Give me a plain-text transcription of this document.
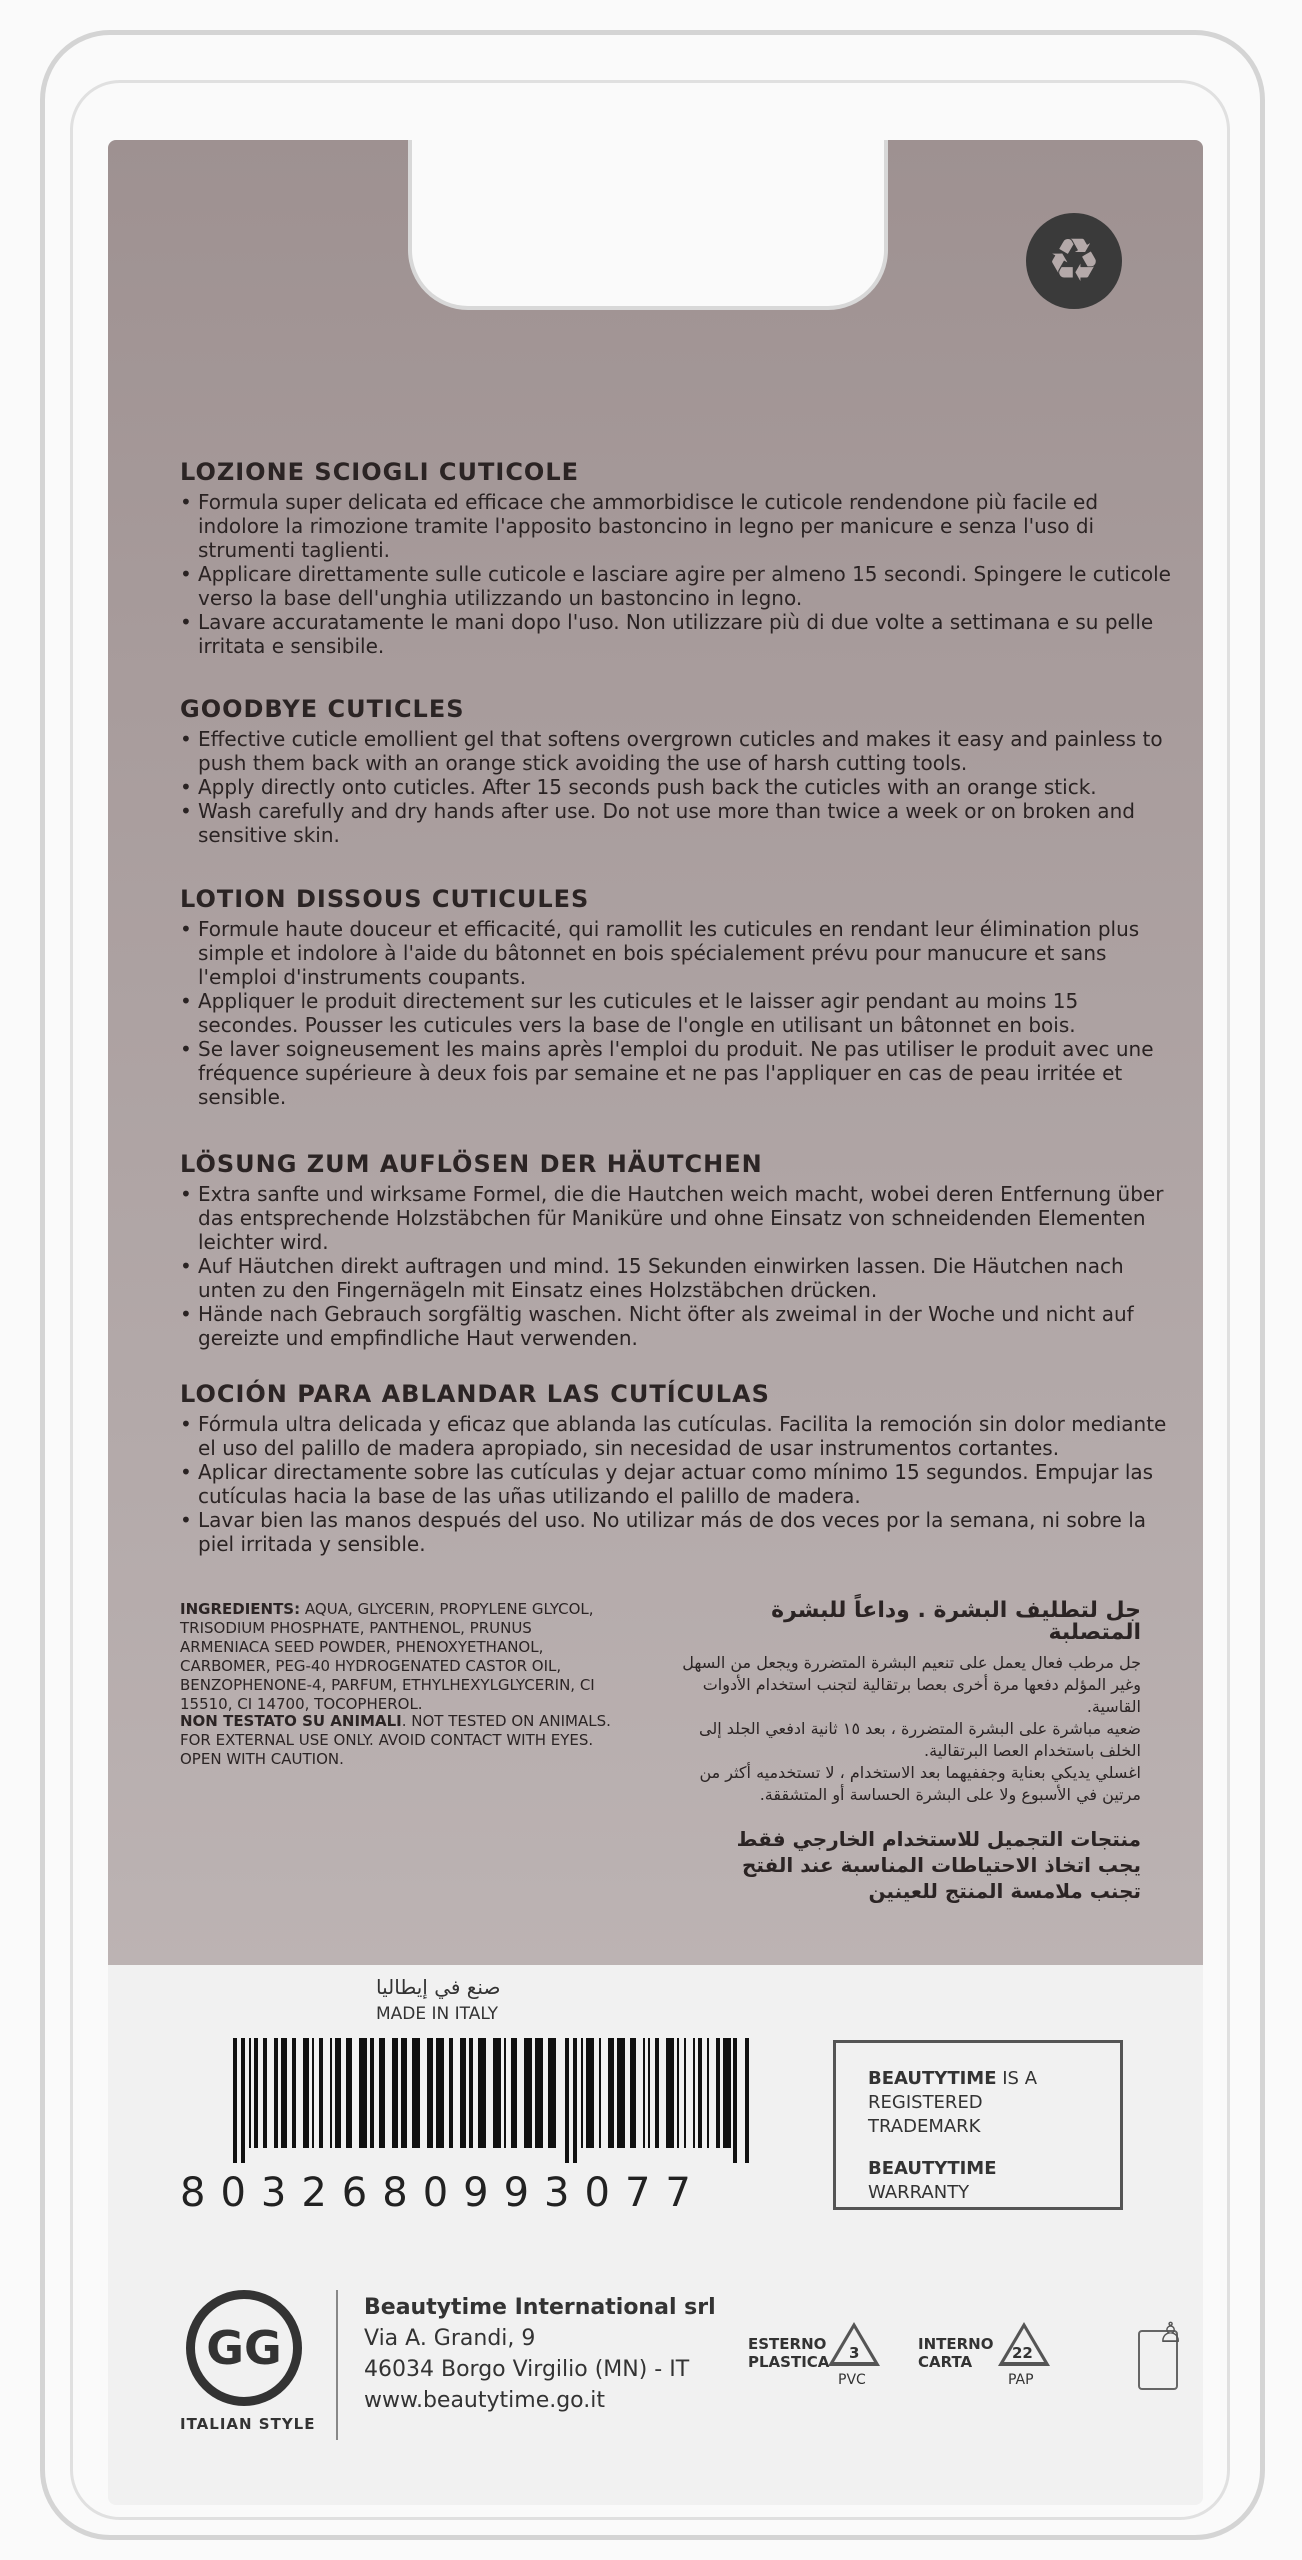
♻
LOZIONE SCIOGLI CUTICOLE
• Formula super delicata ed efficace che ammorbidisce le cuticole rendendone più facile ed indolore la rimozione tramite l'apposito bastoncino in legno per manicure e senza l'uso di strumenti taglienti.
• Applicare direttamente sulle cuticole e lasciare agire per almeno 15 secondi. Spingere le cuticole verso la base dell'unghia utilizzando un bastoncino in legno.
• Lavare accuratamente le mani dopo l'uso. Non utilizzare più di due volte a settimana e su pelle irritata e sensibile.
GOODBYE CUTICLES
• Effective cuticle emollient gel that softens overgrown cuticles and makes it easy and painless to push them back with an orange stick avoiding the use of harsh cutting tools.
• Apply directly onto cuticles. After 15 seconds push back the cuticles with an orange stick.
• Wash carefully and dry hands after use. Do not use more than twice a week or on broken and sensitive skin.
LOTION DISSOUS CUTICULES
• Formule haute douceur et efficacité, qui ramollit les cuticules en rendant leur élimination plus simple et indolore à l'aide du bâtonnet en bois spécialement prévu pour manucure et sans l'emploi d'instruments coupants.
• Appliquer le produit directement sur les cuticules et le laisser agir pendant au moins 15 secondes. Pousser les cuticules vers la base de l'ongle en utilisant un bâtonnet en bois.
• Se laver soigneusement les mains après l'emploi du produit. Ne pas utiliser le produit avec une fréquence supérieure à deux fois par semaine et ne pas l'appliquer en cas de peau irritée et sensible.
LÖSUNG ZUM AUFLÖSEN DER HÄUTCHEN
• Extra sanfte und wirksame Formel, die die Hautchen weich macht, wobei deren Entfernung über das entsprechende Holzstäbchen für Maniküre und ohne Einsatz von schneidenden Elementen leichter wird.
• Auf Häutchen direkt auftragen und mind. 15 Sekunden einwirken lassen. Die Häutchen nach unten zu den Fingernägeln mit Einsatz eines Holzstäbchen drücken.
• Hände nach Gebrauch sorgfältig waschen. Nicht öfter als zweimal in der Woche und nicht auf gereizte und empfindliche Haut verwenden.
LOCIÓN PARA ABLANDAR LAS CUTÍCULAS
• Fórmula ultra delicada y eficaz que ablanda las cutículas. Facilita la remoción sin dolor mediante el uso del palillo de madera apropiado, sin necesidad de usar instrumentos cortantes.
• Aplicar directamente sobre las cutículas y dejar actuar como mínimo 15 segundos. Empujar las cutículas hacia la base de las uñas utilizando el palillo de madera.
• Lavar bien las manos después del uso. No utilizar más de dos veces por la semana, ni sobre la piel irritada y sensible.
INGREDIENTS: AQUA, GLYCERIN, PROPYLENE GLYCOL, TRISODIUM PHOSPHATE, PANTHENOL, PRUNUS ARMENIACA SEED POWDER, PHENOXYETHANOL, CARBOMER, PEG-40 HYDROGENATED CASTOR OIL, BENZOPHENONE-4, PARFUM, ETHYLHEXYLGLYCERIN, CI 15510, CI 14700, TOCOPHEROL.
NON TESTATO SU ANIMALI. NOT TESTED ON ANIMALS. FOR EXTERNAL USE ONLY. AVOID CONTACT WITH EYES. OPEN WITH CAUTION.
جل لتطليف البشرة . وداعاً للبشرة المتصلبة

جل مرطب فعال يعمل على تنعيم البشرة المتضررة ويجعل من السهل وغير المؤلم دفعها مرة أخرى بعصا برتقالية لتجنب استخدام الأدوات القاسية.

ضعيه مباشرة على البشرة المتضررة ، بعد ١٥ ثانية ادفعي الجلد إلى الخلف باستخدام العصا البرتقالية.

اغسلي يديكي بعناية وجففيهما بعد الاستخدام ، لا تستخدميه أكثر من مرتين في الأسبوع ولا على البشرة الحساسة أو المتشققة.

منتجات التجميل للاستخدام الخارجي فقط
يجب اتخاذ الاحتياطات المناسبة عند الفتح
تجنب ملامسة المنتج للعينين
صنع في إيطاليا
MADE IN ITALY
8032680993077
BEAUTYTIME IS A
REGISTERED TRADEMARK
BEAUTYTIME WARRANTY
GG
ITALIAN STYLE
Beautytime International srl
Via A. Grandi, 9
46034 Borgo Virgilio (MN) - IT
www.beautytime.go.it
ESTERNO
PLASTICA 3
PVC
INTERNO
CARTA	22
PAP
♙
